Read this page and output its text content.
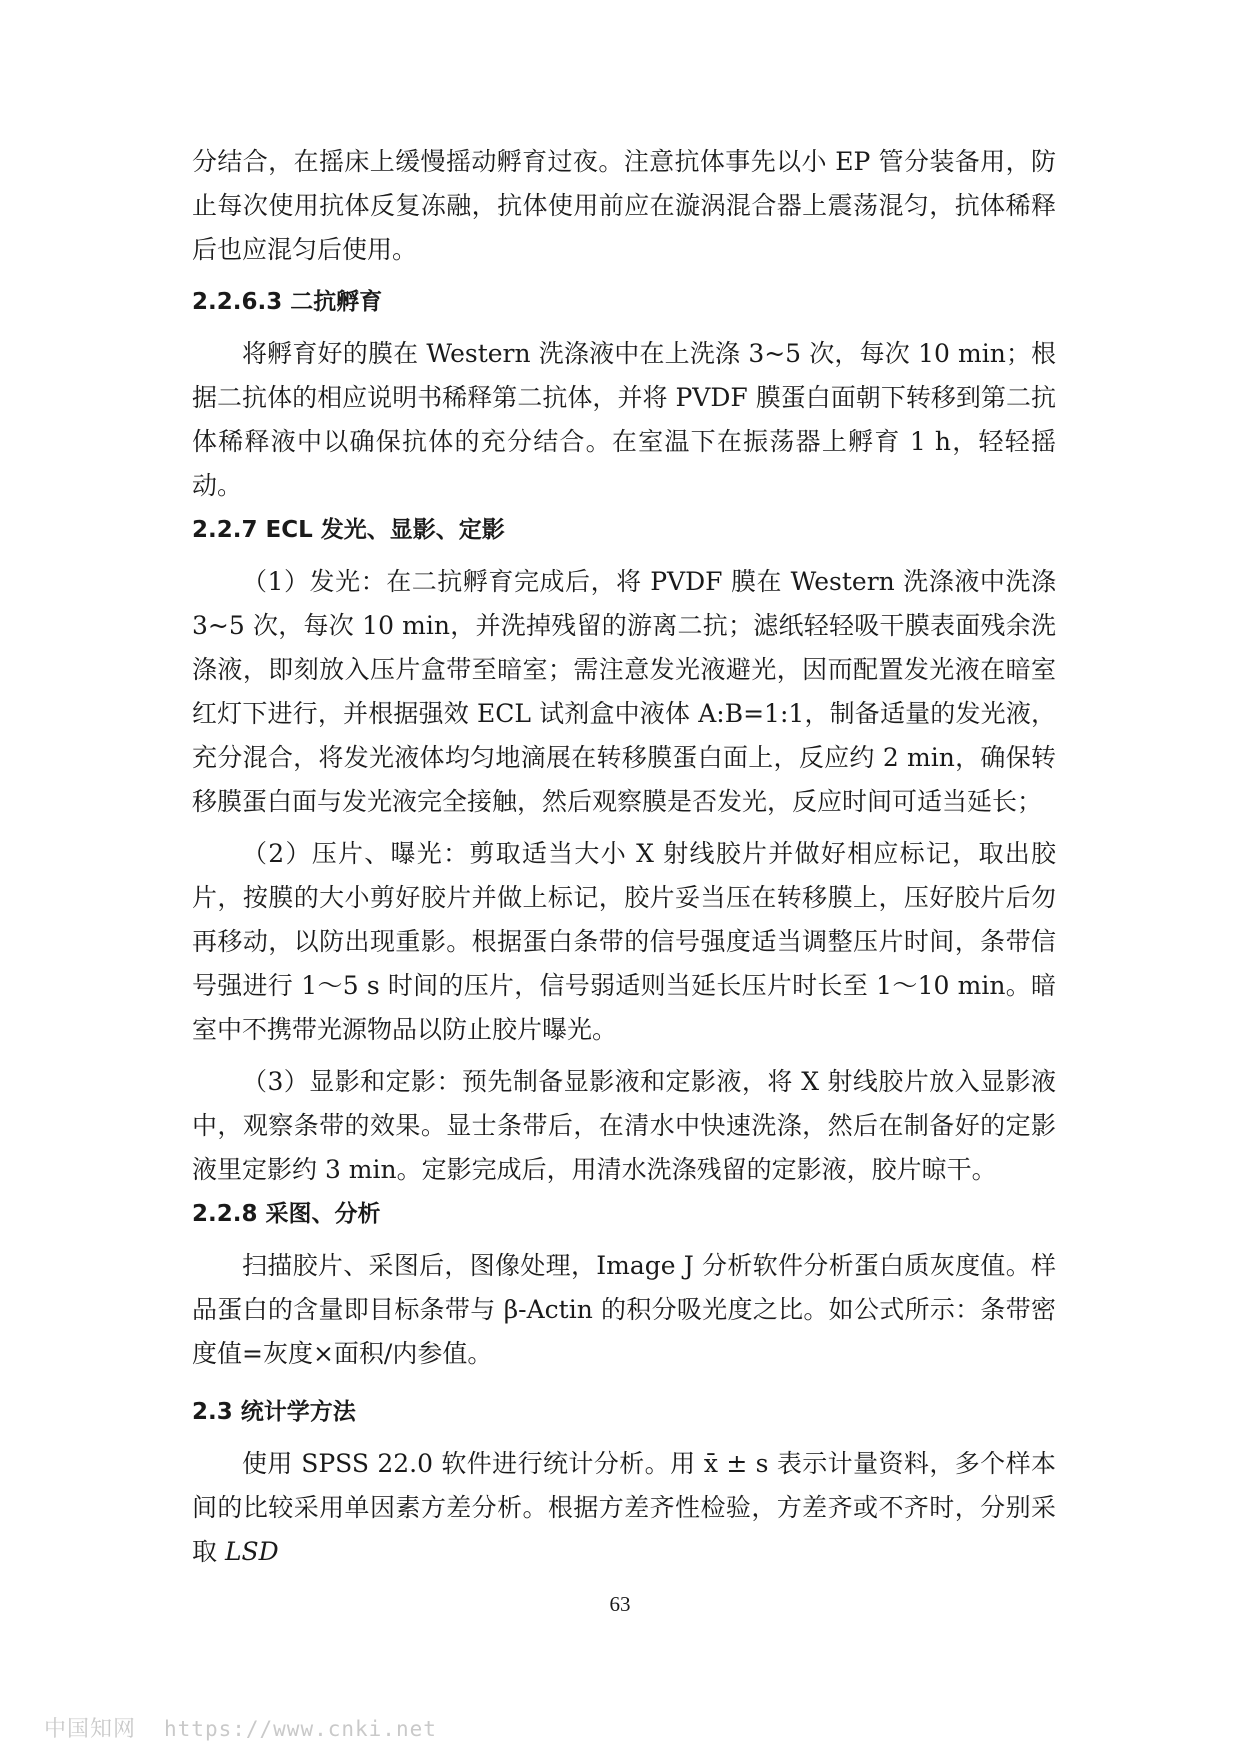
分结合，在摇床上缓慢摇动孵育过夜。注意抗体事先以小 EP 管分装备用，防止每次使用抗体反复冻融，抗体使用前应在漩涡混合器上震荡混匀，抗体稀释后也应混匀后使用。

2.2.6.3 二抗孵育

将孵育好的膜在 Western 洗涤液中在上洗涤 3~5 次，每次 10 min；根据二抗体的相应说明书稀释第二抗体，并将 PVDF 膜蛋白面朝下转移到第二抗体稀释液中以确保抗体的充分结合。在室温下在振荡器上孵育 1 h，轻轻摇动。

2.2.7 ECL 发光、显影、定影

（1）发光：在二抗孵育完成后，将 PVDF 膜在 Western 洗涤液中洗涤 3~5 次，每次 10 min，并洗掉残留的游离二抗；滤纸轻轻吸干膜表面残余洗涤液，即刻放入压片盒带至暗室；需注意发光液避光，因而配置发光液在暗室红灯下进行，并根据强效 ECL 试剂盒中液体 A:B=1:1，制备适量的发光液，充分混合，将发光液体均匀地滴展在转移膜蛋白面上，反应约 2 min，确保转移膜蛋白面与发光液完全接触，然后观察膜是否发光，反应时间可适当延长；

（2）压片、曝光：剪取适当大小 X 射线胶片并做好相应标记，取出胶片，按膜的大小剪好胶片并做上标记，胶片妥当压在转移膜上，压好胶片后勿再移动，以防出现重影。根据蛋白条带的信号强度适当调整压片时间，条带信号强进行 1～5 s 时间的压片，信号弱适则当延长压片时长至 1～10 min。暗室中不携带光源物品以防止胶片曝光。

（3）显影和定影：预先制备显影液和定影液，将 X 射线胶片放入显影液中，观察条带的效果。显士条带后，在清水中快速洗涤，然后在制备好的定影液里定影约 3 min。定影完成后，用清水洗涤残留的定影液，胶片晾干。

2.2.8 采图、分析

扫描胶片、采图后，图像处理，Image J 分析软件分析蛋白质灰度值。样品蛋白的含量即目标条带与 β-Actin 的积分吸光度之比。如公式所示：条带密度值=灰度×面积/内参值。

2.3 统计学方法

使用 SPSS 22.0 软件进行统计分析。用 x̄ ± s 表示计量资料，多个样本间的比较采用单因素方差分析。根据方差齐性检验，方差齐或不齐时，分别采取 LSD

63
中国知网 https://www.cnki.net
